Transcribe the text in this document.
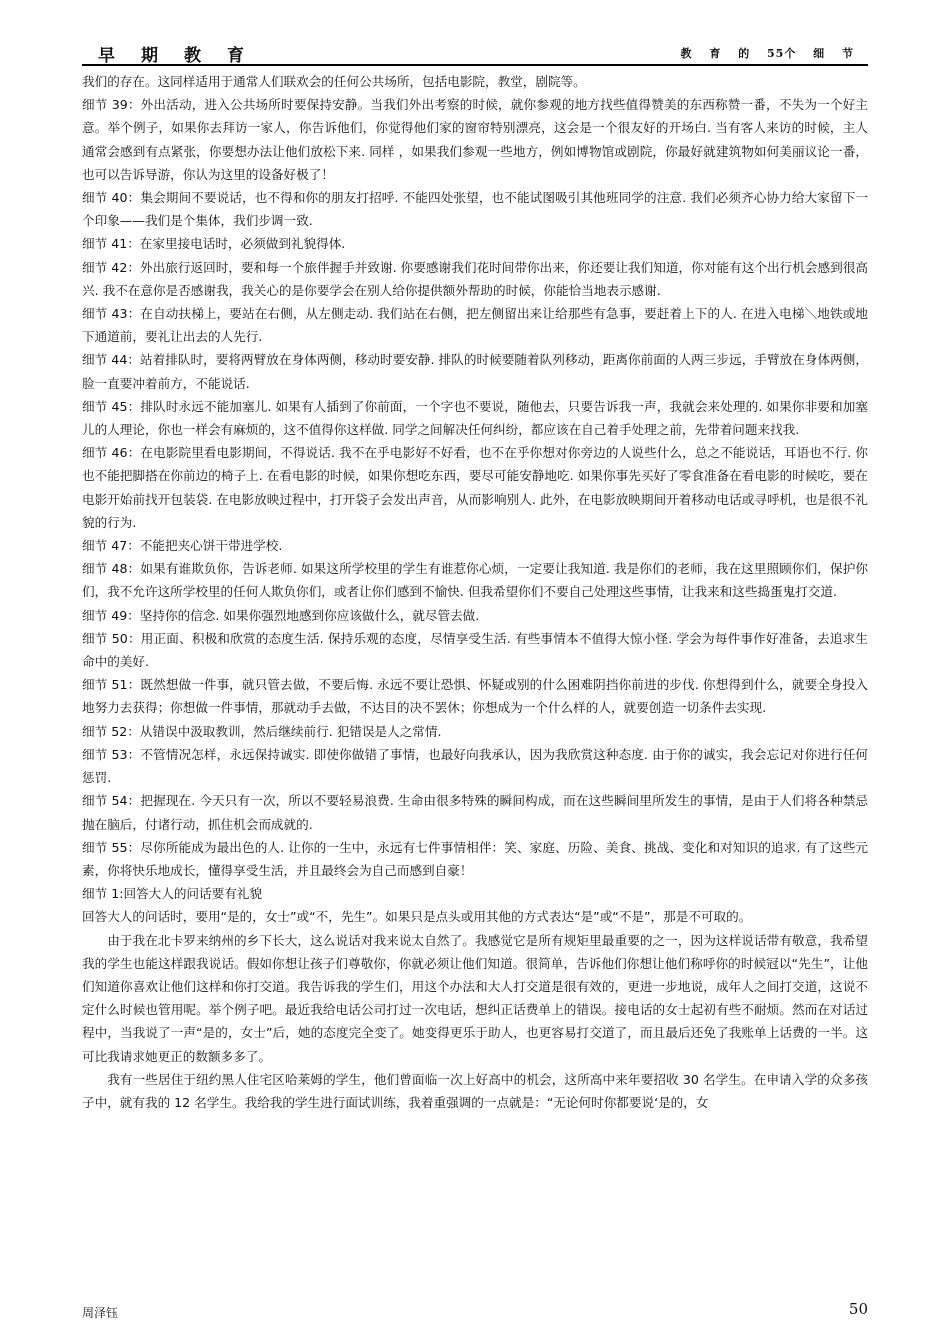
早期教育	教 育 的 55个 细 节

我们的存在。这同样适用于通常人们联欢会的任何公共场所，包括电影院，教堂，剧院等。

细节 39：外出活动，进入公共场所时要保持安静。当我们外出考察的时候，就你参观的地方找些值得赞美的东西称赞一番，不失为一个好主意。举个例子，如果你去拜访一家人，你告诉他们，你觉得他们家的窗帘特别漂亮，这会是一个很友好的开场白. 当有客人来访的时候，主人通常会感到有点紧张，你要想办法让他们放松下来. 同样 ，如果我们参观一些地方，例如博物馆或剧院，你最好就建筑物如何美丽议论一番，也可以告诉导游，你认为这里的设备好极了！

细节 40：集会期间不要说话，也不得和你的朋友打招呼. 不能四处张望，也不能试图吸引其他班同学的注意. 我们必须齐心协力给大家留下一个印象——我们是个集体，我们步调一致.

细节 41：在家里接电话时，必须做到礼貌得体.

细节 42：外出旅行返回时，要和每一个旅伴握手并致谢. 你要感谢我们花时间带你出来，你还要让我们知道，你对能有这个出行机会感到很高兴. 我不在意你是否感谢我，我关心的是你要学会在别人给你提供额外帮助的时候，你能恰当地表示感谢.

细节 43：在自动扶梯上，要站在右侧，从左侧走动. 我们站在右侧，把左侧留出来让给那些有急事，要赶着上下的人. 在进入电梯＼地铁或地下通道前，要礼让出去的人先行.

细节 44：站着排队时，要将两臂放在身体两侧，移动时要安静. 排队的时候要随着队列移动，距离你前面的人两三步远，手臂放在身体两侧，脸一直要冲着前方，不能说话.

细节 45：排队时永远不能加塞儿. 如果有人插到了你前面，一个字也不要说，随他去，只要告诉我一声，我就会来处理的. 如果你非要和加塞儿的人理论，你也一样会有麻烦的，这不值得你这样做. 同学之间解决任何纠纷，都应该在自己着手处理之前，先带着问题来找我.

细节 46：在电影院里看电影期间，不得说话. 我不在乎电影好不好看，也不在乎你想对你旁边的人说些什么，总之不能说话，耳语也不行. 你也不能把脚搭在你前边的椅子上. 在看电影的时候，如果你想吃东西，要尽可能安静地吃. 如果你事先买好了零食准备在看电影的时候吃，要在电影开始前找开包装袋. 在电影放映过程中，打开袋子会发出声音，从而影响别人. 此外，在电影放映期间开着移动电话或寻呼机，也是很不礼貌的行为.

细节 47：不能把夹心饼干带进学校.

细节 48：如果有谁欺负你，告诉老师. 如果这所学校里的学生有谁惹你心烦，一定要让我知道. 我是你们的老师，我在这里照顾你们，保护你们，我不允许这所学校里的任何人欺负你们，或者让你们感到不愉快. 但我希望你们不要自己处理这些事情，让我来和这些捣蛋鬼打交道.

细节 49：坚持你的信念. 如果你强烈地感到你应该做什么，就尽管去做.

细节 50：用正面、积极和欣赏的态度生活. 保持乐观的态度，尽情享受生活. 有些事情本不值得大惊小怪. 学会为每件事作好准备，去追求生命中的美好.

细节 51：既然想做一件事，就只管去做，不要后悔. 永远不要让恐惧、怀疑或别的什么困难阴挡你前进的步伐. 你想得到什么，就要全身投入地努力去获得；你想做一件事情，那就动手去做，不达目的决不罢休；你想成为一个什么样的人，就要创造一切条件去实现.

细节 52：从错误中汲取教训，然后继续前行. 犯错误是人之常情.

细节 53：不管情况怎样，永远保持诚实. 即使你做错了事情，也最好向我承认，因为我欣赏这种态度. 由于你的诚实，我会忘记对你进行任何惩罚.

细节 54：把握现在. 今天只有一次，所以不要轻易浪费. 生命由很多特殊的瞬间构成，而在这些瞬间里所发生的事情，是由于人们将各种禁忌抛在脑后，付诸行动，抓住机会而成就的.

细节 55：尽你所能成为最出色的人. 让你的一生中，永远有七件事情相伴：笑、家庭、历险、美食、挑战、变化和对知识的追求. 有了这些元素，你将快乐地成长，懂得享受生活，并且最终会为自己而感到自豪！

细节 1:回答大人的问话要有礼貌

回答大人的问话时，要用“是的，女士”或“不，先生”。如果只是点头或用其他的方式表达“是”或“不是”，那是不可取的。

由于我在北卡罗来纳州的乡下长大，这么说话对我来说太自然了。我感觉它是所有规矩里最重要的之一，因为这样说话带有敬意，我希望我的学生也能这样跟我说话。假如你想让孩子们尊敬你，你就必须让他们知道。很简单，告诉他们你想让他们称呼你的时候冠以“先生”，让他们知道你喜欢让他们这样和你打交道。我告诉我的学生们，用这个办法和大人打交道是很有效的，更进一步地说，成年人之间打交道，这说不定什么时候也管用呢。举个例子吧。最近我给电话公司打过一次电话，想纠正话费单上的错误。接电话的女士起初有些不耐烦。然而在对话过程中，当我说了一声“是的，女士”后，她的态度完全变了。她变得更乐于助人，也更容易打交道了，而且最后还免了我账单上话费的一半。这可比我请求她更正的数额多多了。

我有一些居住于纽约黑人住宅区哈莱姆的学生，他们曾面临一次上好高中的机会，这所高中来年要招收 30 名学生。在申请入学的众多孩子中，就有我的 12 名学生。我给我的学生进行面试训练，我着重强调的一点就是：“无论何时你都要说‘是的，女

周泽钰	50
